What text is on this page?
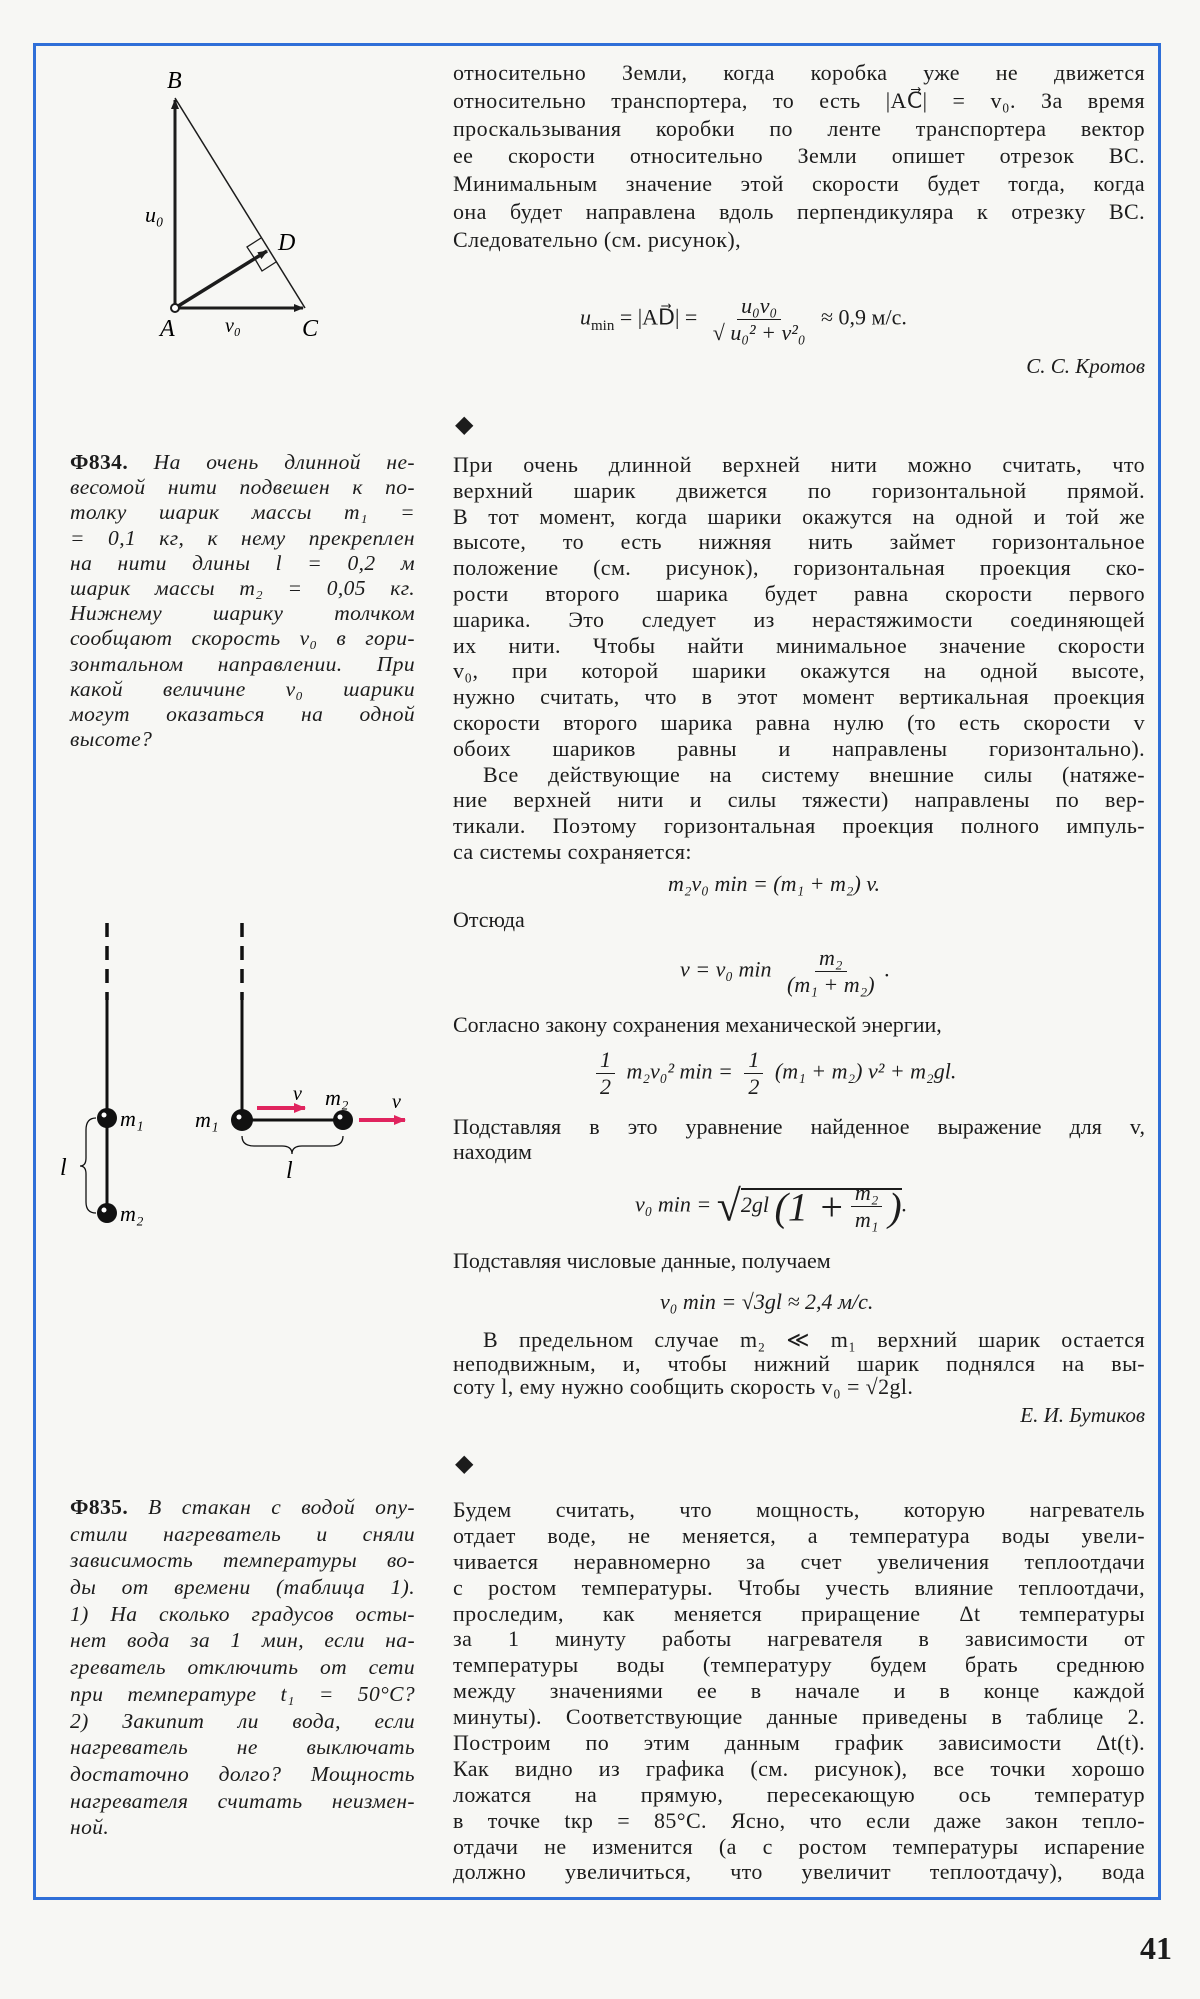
B
A	C
D
u₀
v₀
относительно Земли, когда коробка уже не движется
относительно транспортера, то есть |AC⃗| = v₀. За время
проскальзывания коробки по ленте транспортера вектор
ее скорости относительно Земли опишет отрезок BC.
Минимальным значение этой скорости будет тогда, когда
она будет направлена вдоль перпендикуляра к отрезку BC.
Следовательно (см. рисунок),
$u_{min}$ = |AD⃗| = $\frac{\text{u₀v₀}}{\text{√ u₀² + v²₀}} \approx 0,9$ м/с.
С. С. Кротов
◆
Ф834. На очень длинной не-
весомой нити подвешен к по-
толку шарик массы m₁ =
= 0,1 кг, к нему прекреплен
на нити длины l = 0,2 м
шарик массы m₂ = 0,05 кг.
Нижнему шарику толчком
сообщают скорость v₀ в гори-
зонтальном направлении. При
какой величине v₀ шарики
могут оказаться на одной
высоте?
l
m₁
m₂
l
m₁
m₂
v	v
При очень длинной верхней нити можно считать, что
верхний шарик движется по горизонтальной прямой.
В тот момент, когда шарики окажутся на одной и той же
высоте, то есть нижняя нить займет горизонтальное
положение (см. рисунок), горизонтальная проекция ско-
рости второго шарика будет равна скорости первого
шарика. Это следует из нерастяжимости соединяющей
их нити. Чтобы найти минимальное значение скорости
v₀, при которой шарики окажутся на одной высоте,
нужно считать, что в этот момент вертикальная проекция
скорости второго шарика равна нулю (то есть скорости v
обоих шариков равны и направлены горизонтально).
Все действующие на систему внешние силы (натяже-
ние верхней нити и силы тяжести) направлены по вер-
тикали. Поэтому горизонтальная проекция полного импуль-
са системы сохраняется:
m₂v₀ min = (m₁ + m₂) v.
Отсюда
v = v₀ $\min \frac{\text{m₂}}{\text{(m₁ + m₂)}}$ .
Согласно закону сохранения механической энергии,
$\frac{1}{2} m_2v_0^2$ $\min = \frac{1}{2} (m_1 + m_2) v^2 + m_2gl$.
Подставляя в это уравнение найденное выражение для v,
находим
v₀ min = √2gl ($1 + \frac{\text{m₂}}{\text{m₁}}$ ).
Подставляя числовые данные, получаем
v₀ min = √3gl ≈ 2,4 м/с.
В предельном случае m₂ ≪ m₁ верхний шарик остается
неподвижным, и, чтобы нижний шарик поднялся на вы-
соту l, ему нужно сообщить скорость v₀ = √2gl.
Е. И. Бутиков
◆
Ф835. В стакан с водой опу-
стили нагреватель и сняли
зависимость температуры во-
ды от времени (таблица 1).
1) На сколько градусов осты-
нет вода за 1 мин, если на-
греватель отключить от сети
при температуре t₁ = 50°C?
2) Закипит ли вода, если
нагреватель не выключать
достаточно долго? Мощность
нагревателя считать неизмен-
ной.
Будем считать, что мощность, которую нагреватель
отдает воде, не меняется, а температура воды увели-
чивается неравномерно за счет увеличения теплоотдачи
с ростом температуры. Чтобы учесть влияние теплоотдачи,
проследим, как меняется приращение Δt температуры
за 1 минуту работы нагревателя в зависимости от
температуры воды (температуру будем брать среднюю
между значениями ее в начале и в конце каждой
минуты). Соответствующие данные приведены в таблице 2.
Построим по этим данным график зависимости Δt(t).
Как видно из графика (см. рисунок), все точки хорошо
ложатся на прямую, пересекающую ось температур
в точке tкр = 85°C. Ясно, что если даже закон тепло-
отдачи не изменится (а с ростом температуры испарение
должно увеличиться, что увеличит теплоотдачу), вода
41
